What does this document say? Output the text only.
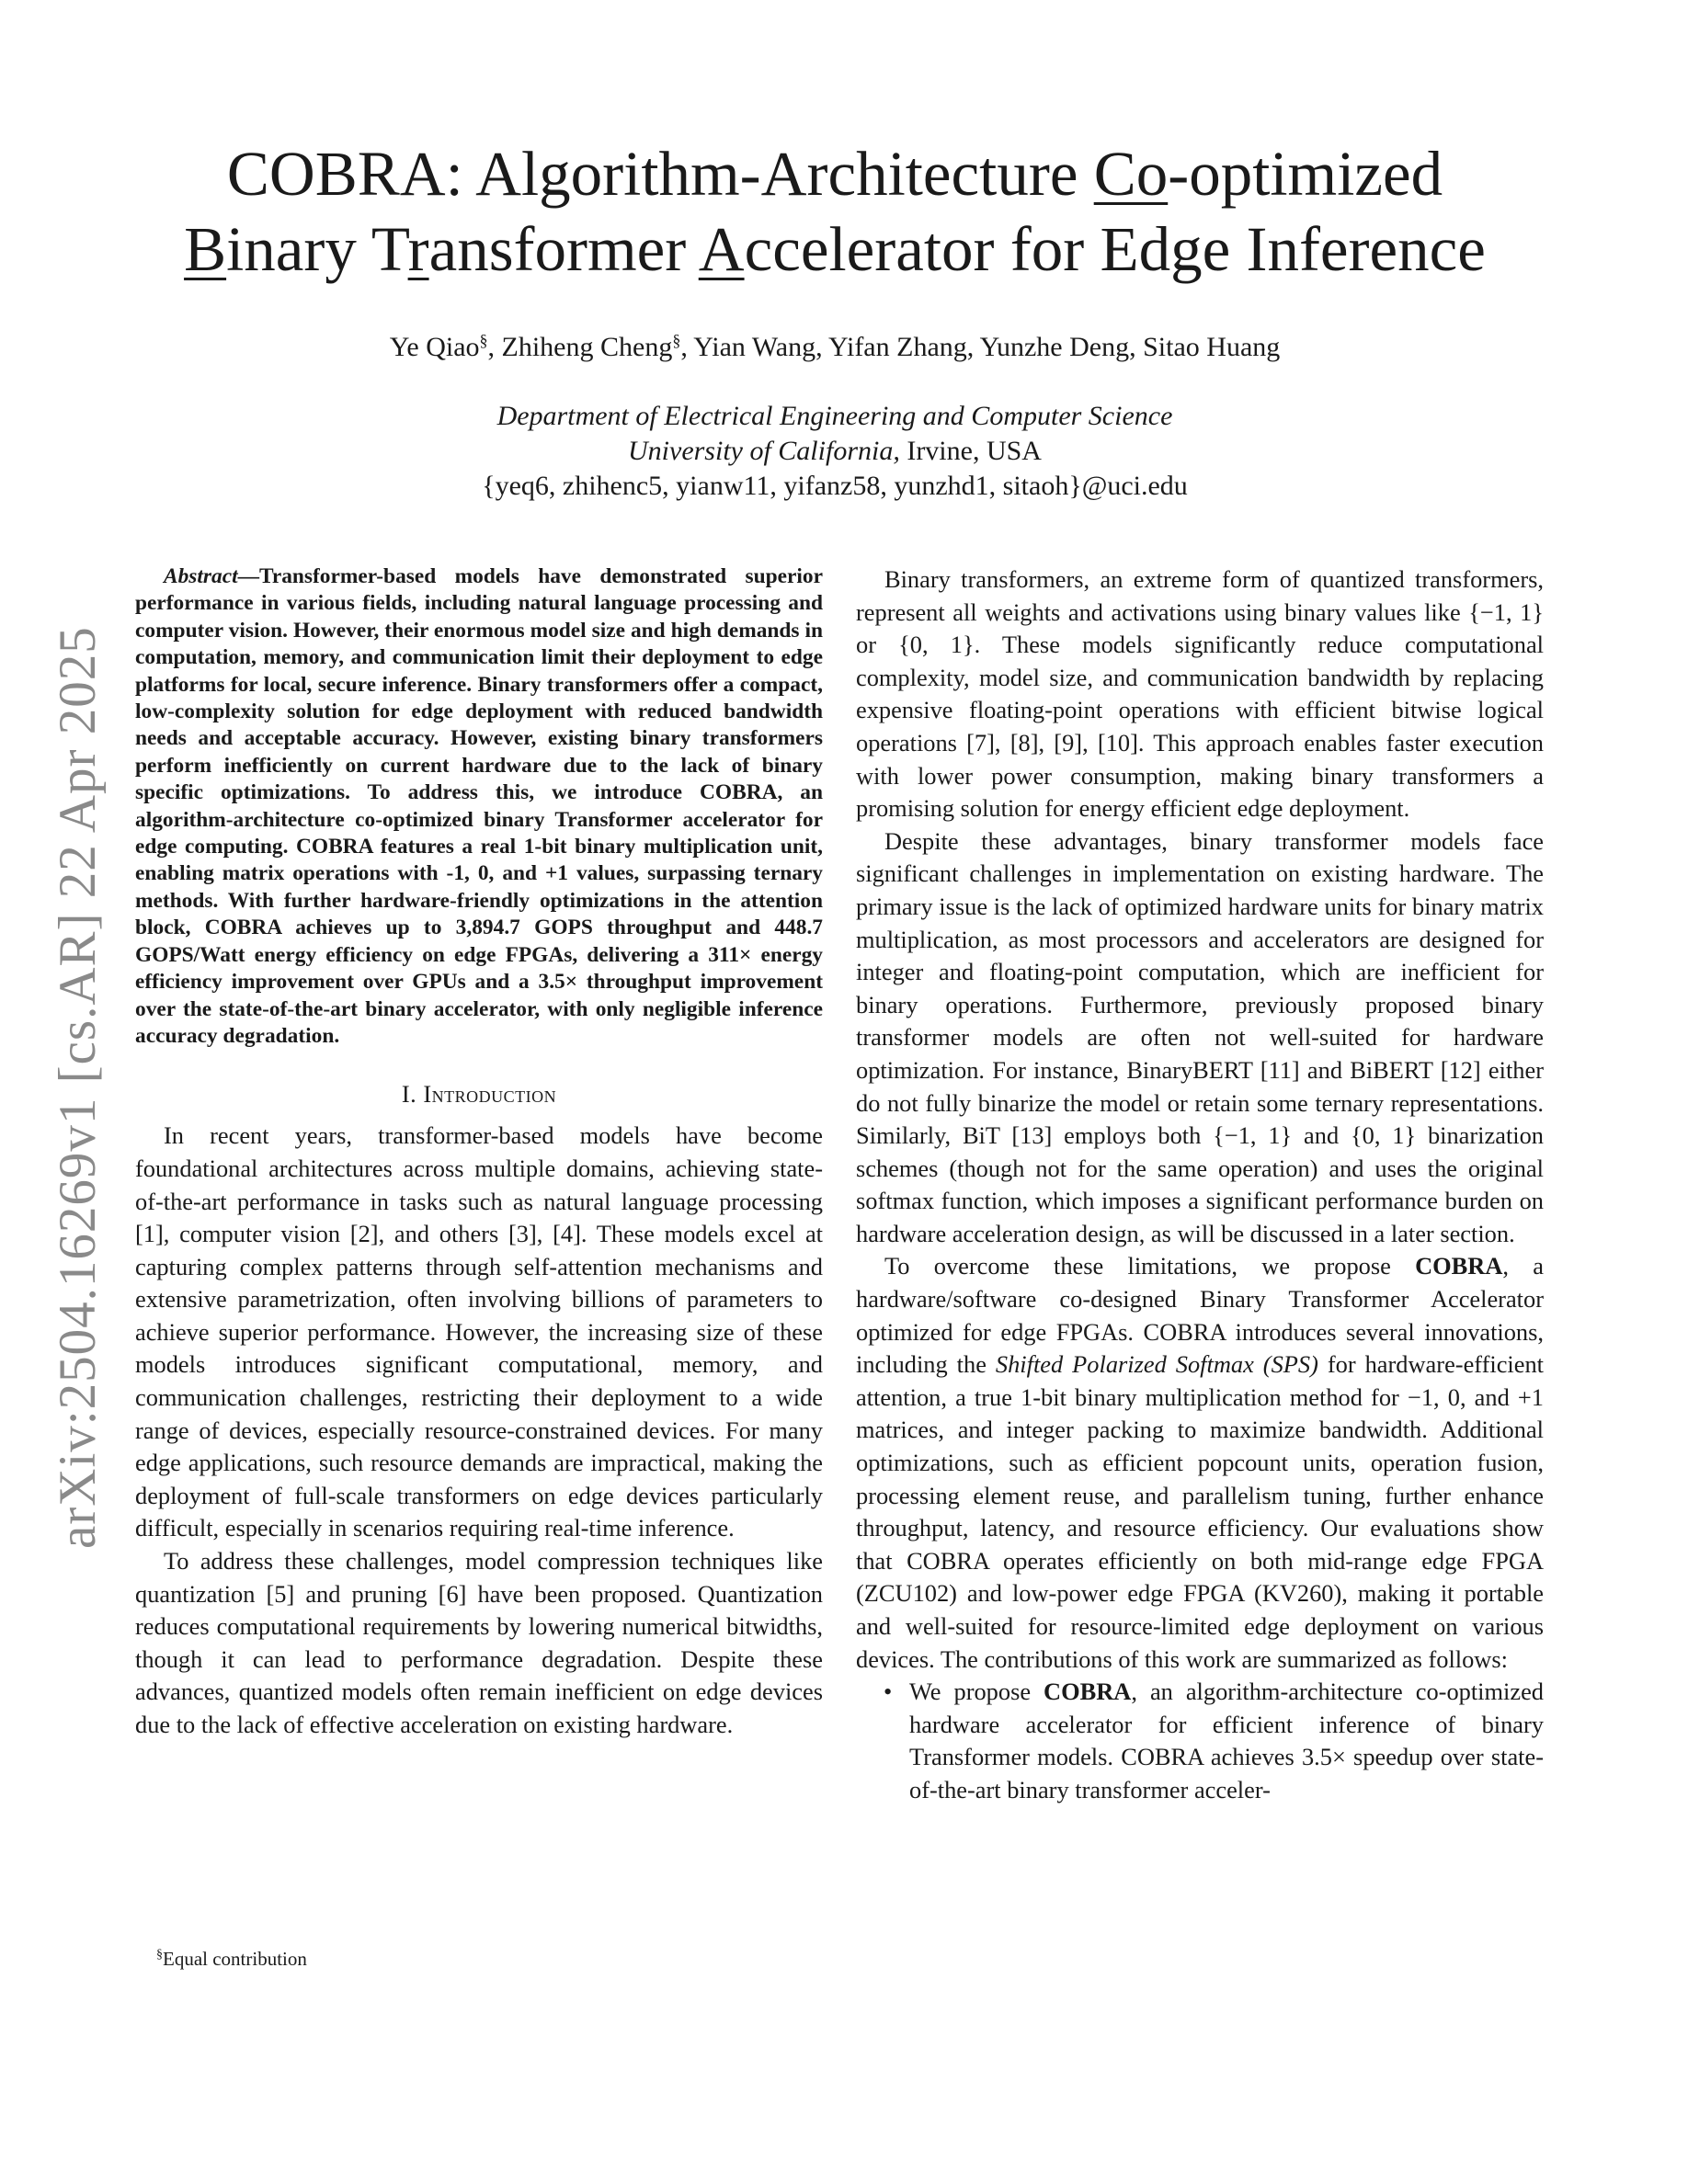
COBRA: Algorithm-Architecture Co-optimized
Binary Transformer Accelerator for Edge Inference
Ye Qiao§, Zhiheng Cheng§, Yian Wang, Yifan Zhang, Yunzhe Deng, Sitao Huang
Department of Electrical Engineering and Computer Science
University of California, Irvine, USA
{yeq6, zhihenc5, yianw11, yifanz58, yunzhd1, sitaoh}@uci.edu
arXiv:2504.16269v1 [cs.AR] 22 Apr 2025

Abstract—Transformer-based models have demonstrated superior performance in various fields, including natural language processing and computer vision. However, their enormous model size and high demands in computation, memory, and communication limit their deployment to edge platforms for local, secure inference. Binary transformers offer a compact, low-complexity solution for edge deployment with reduced bandwidth needs and acceptable accuracy. However, existing binary transformers perform inefficiently on current hardware due to the lack of binary specific optimizations. To address this, we introduce COBRA, an algorithm-architecture co-optimized binary Transformer accelerator for edge computing. COBRA features a real 1-bit binary multiplication unit, enabling matrix operations with -1, 0, and +1 values, surpassing ternary methods. With further hardware-friendly optimizations in the attention block, COBRA achieves up to 3,894.7 GOPS throughput and 448.7 GOPS/Watt energy efficiency on edge FPGAs, delivering a 311× energy efficiency improvement over GPUs and a 3.5× throughput improvement over the state-of-the-art binary accelerator, with only negligible inference accuracy degradation.

I. Introduction

In recent years, transformer-based models have become foundational architectures across multiple domains, achieving state-of-the-art performance in tasks such as natural language processing [1], computer vision [2], and others [3], [4]. These models excel at capturing complex patterns through self-attention mechanisms and extensive parametrization, often involving billions of parameters to achieve superior performance. However, the increasing size of these models introduces significant computational, memory, and communication challenges, restricting their deployment to a wide range of devices, especially resource-constrained devices. For many edge applications, such resource demands are impractical, making the deployment of full-scale transformers on edge devices particularly difficult, especially in scenarios requiring real-time inference.

To address these challenges, model compression techniques like quantization [5] and pruning [6] have been proposed. Quantization reduces computational requirements by lowering numerical bitwidths, though it can lead to performance degradation. Despite these advances, quantized models often remain inefficient on edge devices due to the lack of effective acceleration on existing hardware.

Binary transformers, an extreme form of quantized transformers, represent all weights and activations using binary values like {−1, 1} or {0, 1}. These models significantly reduce computational complexity, model size, and communication bandwidth by replacing expensive floating-point operations with efficient bitwise logical operations [7], [8], [9], [10]. This approach enables faster execution with lower power consumption, making binary transformers a promising solution for energy efficient edge deployment.

Despite these advantages, binary transformer models face significant challenges in implementation on existing hardware. The primary issue is the lack of optimized hardware units for binary matrix multiplication, as most processors and accelerators are designed for integer and floating-point computation, which are inefficient for binary operations. Furthermore, previously proposed binary transformer models are often not well-suited for hardware optimization. For instance, BinaryBERT [11] and BiBERT [12] either do not fully binarize the model or retain some ternary representations. Similarly, BiT [13] employs both {−1, 1} and {0, 1} binarization schemes (though not for the same operation) and uses the original softmax function, which imposes a significant performance burden on hardware acceleration design, as will be discussed in a later section.

To overcome these limitations, we propose COBRA, a hardware/software co-designed Binary Transformer Accelerator optimized for edge FPGAs. COBRA introduces several innovations, including the Shifted Polarized Softmax (SPS) for hardware-efficient attention, a true 1-bit binary multiplication method for −1, 0, and +1 matrices, and integer packing to maximize bandwidth. Additional optimizations, such as efficient popcount units, operation fusion, processing element reuse, and parallelism tuning, further enhance throughput, latency, and resource efficiency. Our evaluations show that COBRA operates efficiently on both mid-range edge FPGA (ZCU102) and low-power edge FPGA (KV260), making it portable and well-suited for resource-limited edge deployment on various devices. The contributions of this work are summarized as follows:

• We propose COBRA, an algorithm-architecture co-optimized hardware accelerator for efficient inference of binary Transformer models. COBRA achieves 3.5× speedup over state-of-the-art binary transformer acceler-
§Equal contribution
